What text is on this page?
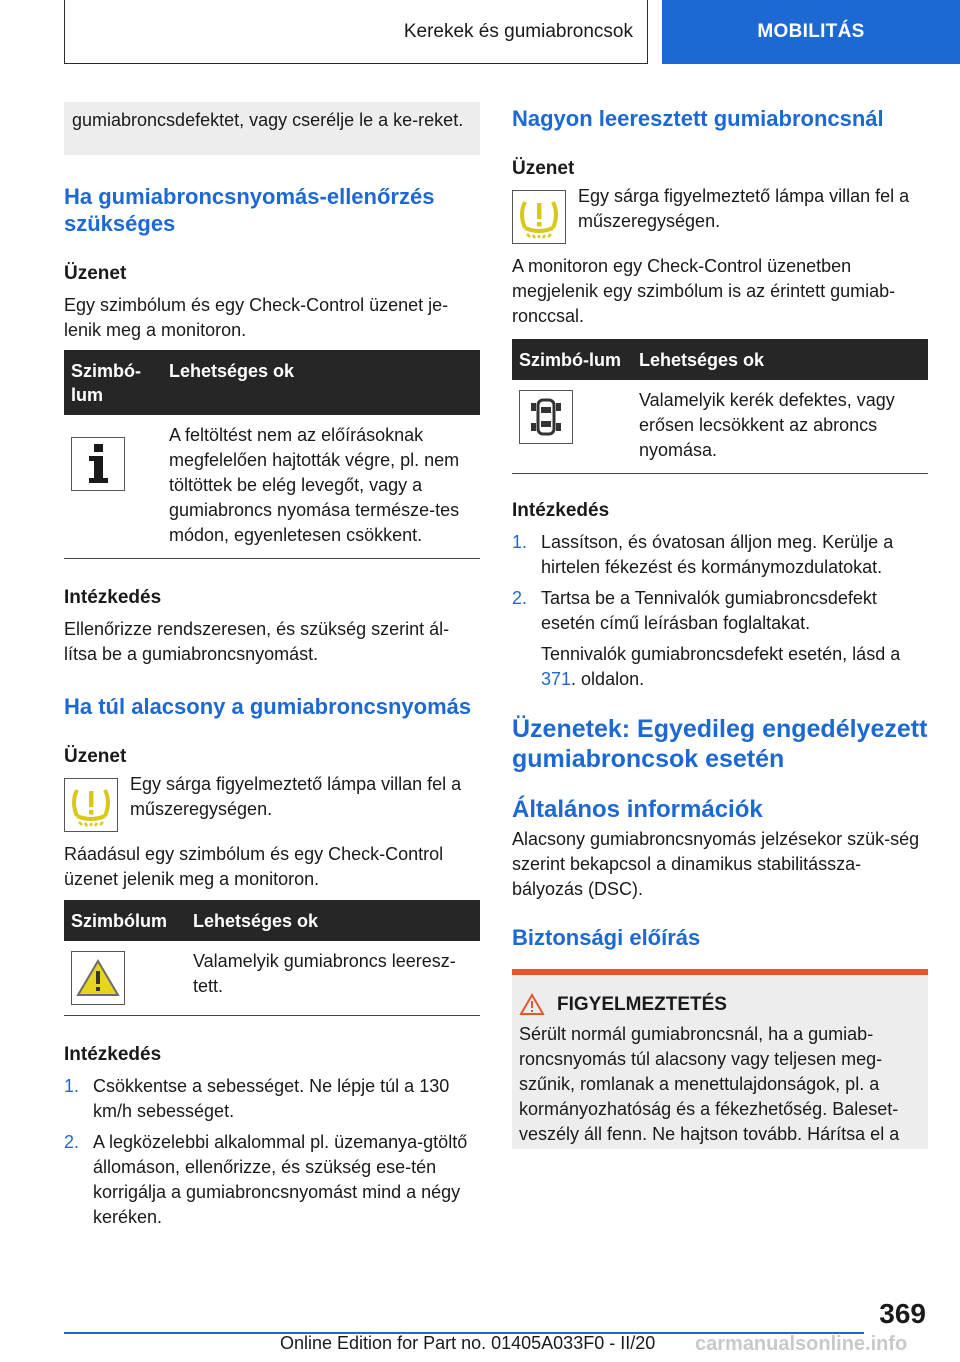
Kerekek és gumiabroncsok	MOBILITÁS
gumiabroncsdefektet, vagy cserélje le a ke-reket.
Ha gumiabroncsnyomás-ellenőrzés szükséges
Üzenet

Egy szimbólum és egy Check-Control üzenet je-lenik meg a monitoron.

Szimbó-lum	Lehetséges ok

	A feltöltést nem az előírásoknak megfelelően hajtották végre, pl. nem töltöttek be elég levegőt, vagy a gumiabroncs nyomása természe-tes módon, egyenletesen csökkent.
Intézkedés

Ellenőrizze rendszeresen, és szükség szerint ál-lítsa be a gumiabroncsnyomást.

Ha túl alacsony a gumiabroncsnyomás
Üzenet

Egy sárga figyelmeztető lámpa villan fel a műszeregységen.

Ráadásul egy szimbólum és egy Check-Control üzenet jelenik meg a monitoron.

Szimbólum	Lehetséges ok

	Valamelyik gumiabroncs leeresz-tett.
Intézkedés
1. Csökkentse a sebességet. Ne lépje túl a 130 km/h sebességet.
2. A legközelebbi alkalommal pl. üzemanya-gtöltő állomáson, ellenőrizze, és szükség ese-tén korrigálja a gumiabroncsnyomást mind a négy keréken.
Nagyon leeresztett gumiabroncsnál
Üzenet

Egy sárga figyelmeztető lámpa villan fel a műszeregységen.

A monitoron egy Check-Control üzenetben megjelenik egy szimbólum is az érintett gumiab-ronccsal.

Szimbó-lum	Lehetséges ok

	Valamelyik kerék defektes, vagy erősen lecsökkent az abroncs nyomása.
Intézkedés
1. Lassítson, és óvatosan álljon meg. Kerülje a hirtelen fékezést és kormánymozdulatokat.
2. Tartsa be a Tennivalók gumiabroncsdefekt esetén című leírásban foglaltakat.

Tennivalók gumiabroncsdefekt esetén, lásd a 371. oldalon.

Üzenetek: Egyedileg engedélyezett gumiabroncsok esetén
Általános információk

Alacsony gumiabroncsnyomás jelzésekor szük-ség szerint bekapcsol a dinamikus stabilitássza-bályozás (DSC).

Biztonsági előírás
FIGYELMEZTETÉS

Sérült normál gumiabroncsnál, ha a gumiab-roncsnyomás túl alacsony vagy teljesen meg-szűnik, romlanak a menettulajdonságok, pl. a kormányozhatóság és a fékezhetőség. Baleset-veszély áll fenn. Ne hajtson tovább. Hárítsa el a

369
Online Edition for Part no. 01405A033F0 - II/20 carmanualsonline.info
